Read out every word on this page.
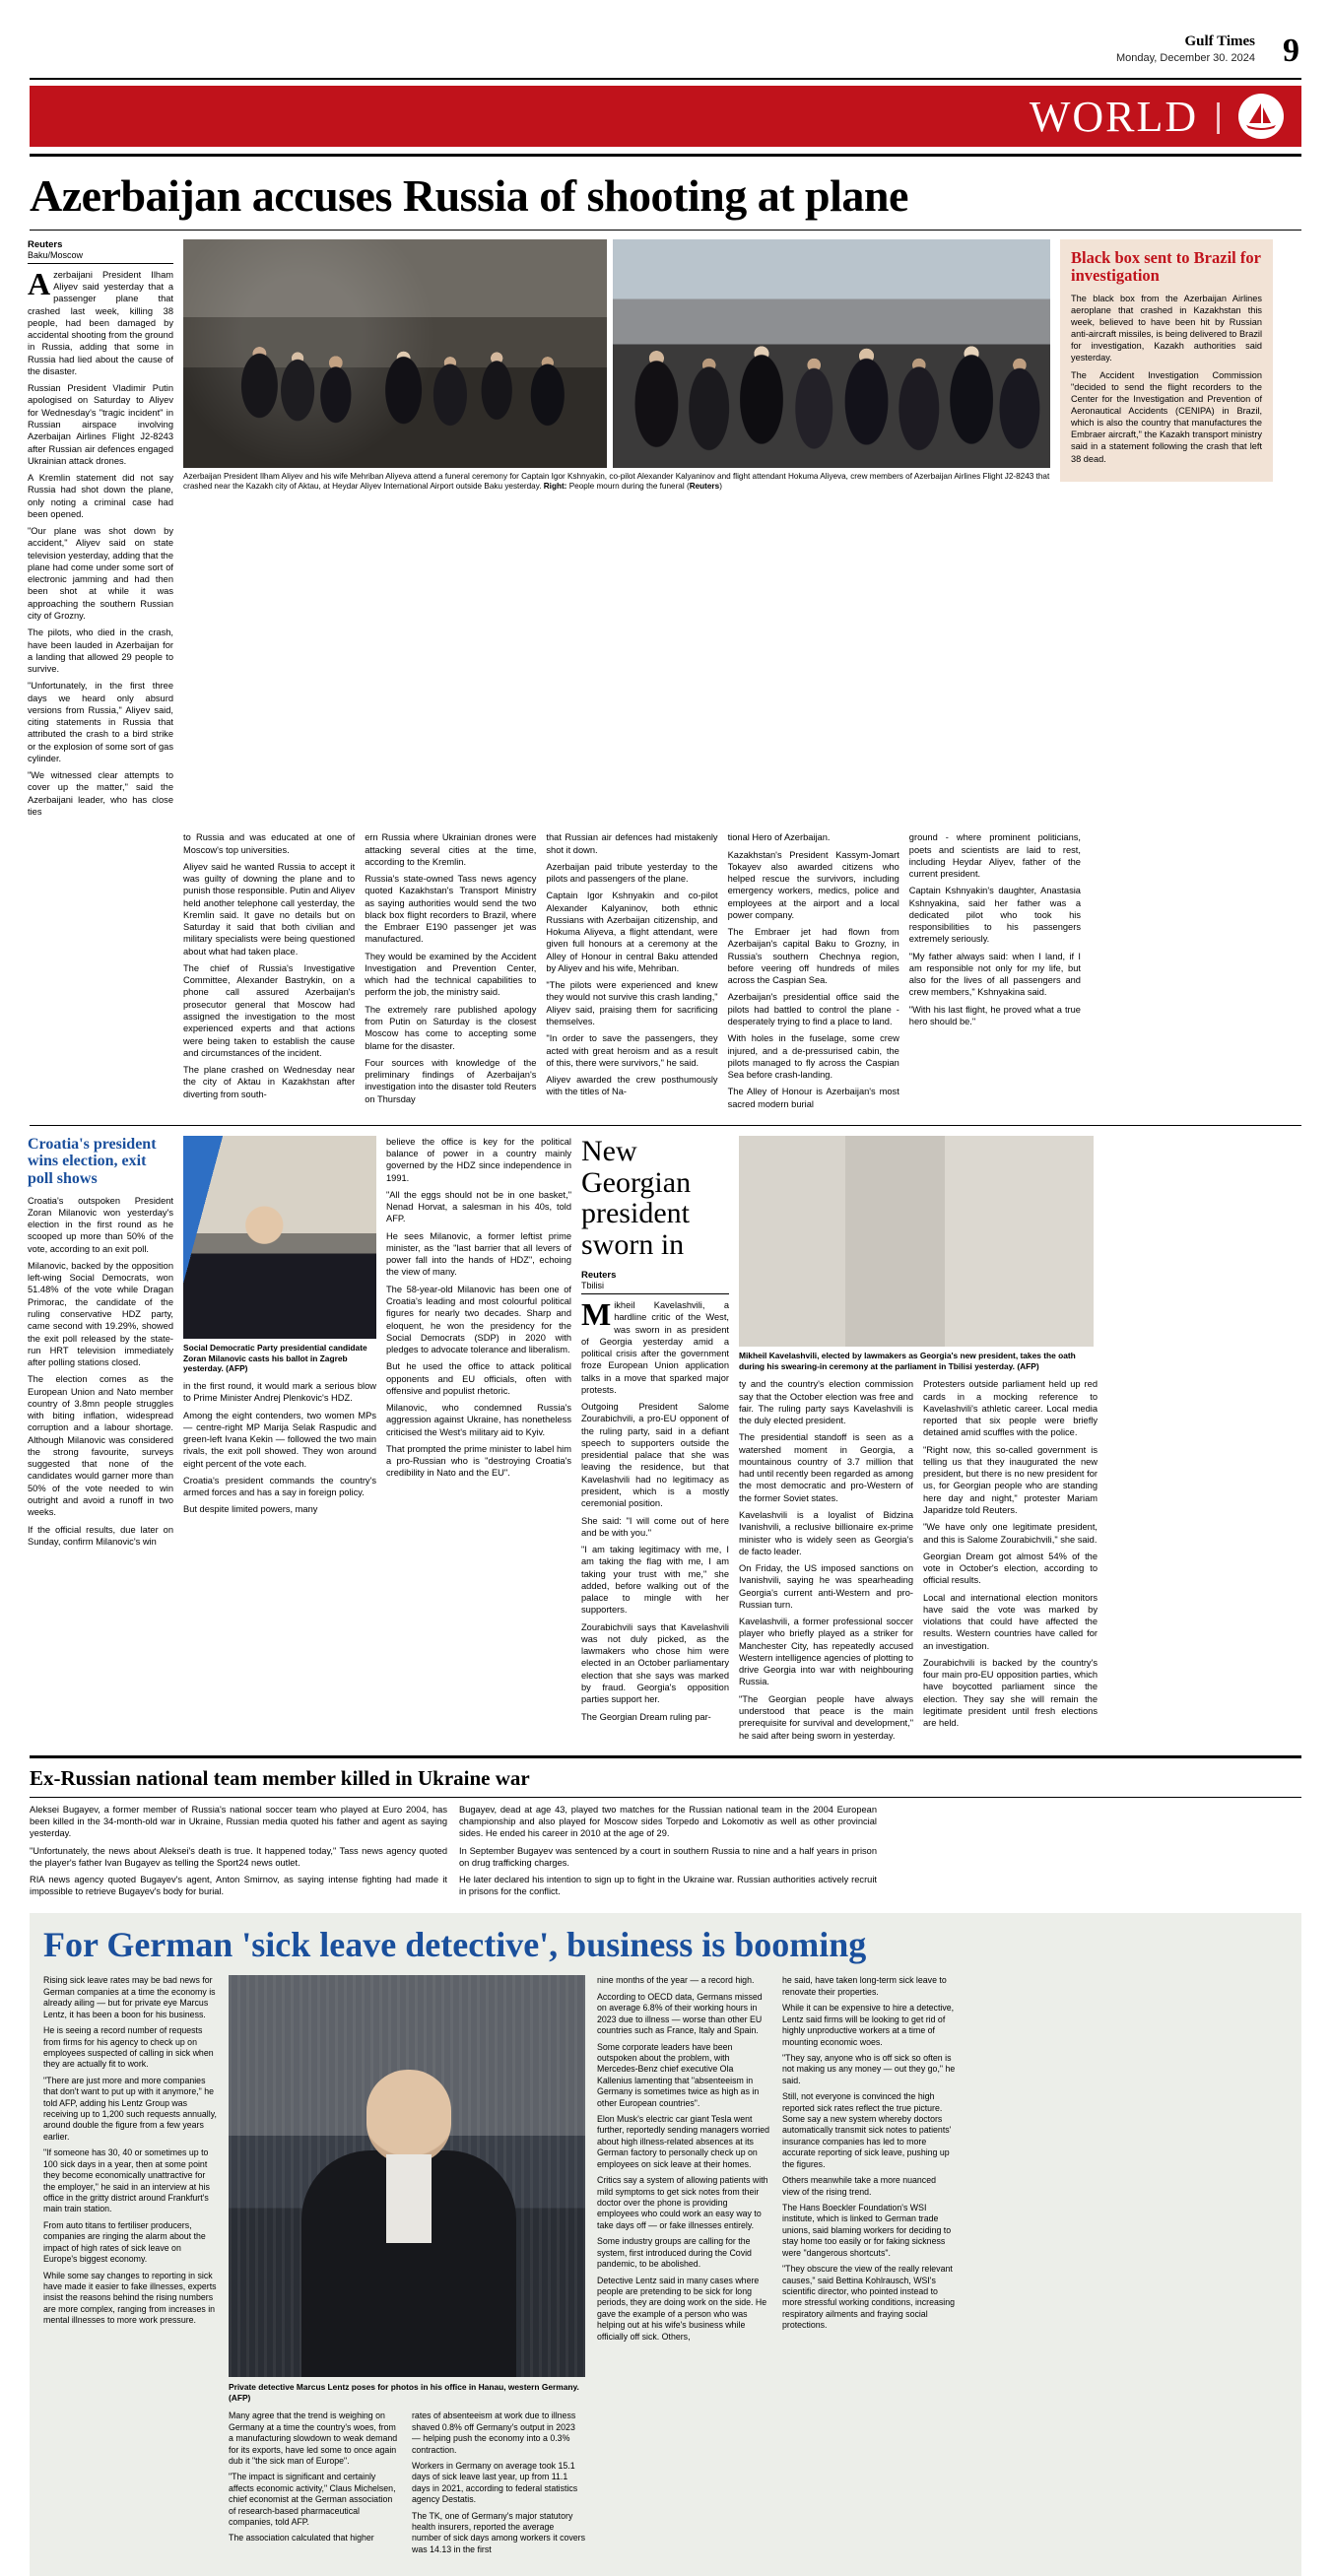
Gulf Times
Monday, December 30. 2024 9
WORLD |
Azerbaijan accuses Russia of shooting at plane
Reuters
Baku/Moscow

Azerbaijani President Ilham Aliyev said yesterday that a passenger plane that crashed last week, killing 38 people, had been damaged by accidental shooting from the ground in Russia, adding that some in Russia had lied about the cause of the disaster.

Russian President Vladimir Putin apologised on Saturday to Aliyev for Wednesday's "tragic incident" in Russian airspace involving Azerbaijan Airlines Flight J2-8243 after Russian air defences engaged Ukrainian attack drones.

A Kremlin statement did not say Russia had shot down the plane, only noting a criminal case had been opened.

"Our plane was shot down by accident," Aliyev said on state television yesterday, adding that the plane had come under some sort of electronic jamming and had then been shot at while it was approaching the southern Russian city of Grozny.

The pilots, who died in the crash, have been lauded in Azerbaijan for a landing that allowed 29 people to survive.

"Unfortunately, in the first three days we heard only absurd versions from Russia," Aliyev said, citing statements in Russia that attributed the crash to a bird strike or the explosion of some sort of gas cylinder.

"We witnessed clear attempts to cover up the matter," said the Azerbaijani leader, who has close ties

Azerbaijan President Ilham Aliyev and his wife Mehriban Aliyeva attend a funeral ceremony for Captain Igor Kshnyakin, co-pilot Alexander Kalyaninov and flight attendant Hokuma Aliyeva, crew members of Azerbaijan Airlines Flight J2-8243 that crashed near the Kazakh city of Aktau, at Heydar Aliyev International Airport outside Baku yesterday. Right: People mourn during the funeral (Reuters)
Black box sent to Brazil for investigation

The black box from the Azerbaijan Airlines aeroplane that crashed in Kazakhstan this week, believed to have been hit by Russian anti-aircraft missiles, is being delivered to Brazil for investigation, Kazakh authorities said yesterday.

The Accident Investigation Commission "decided to send the flight recorders to the Center for the Investigation and Prevention of Aeronautical Accidents (CENIPA) in Brazil, which is also the country that manufactures the Embraer aircraft," the Kazakh transport ministry said in a statement following the crash that left 38 dead.

to Russia and was educated at one of Moscow's top universities.

Aliyev said he wanted Russia to accept it was guilty of downing the plane and to punish those responsible. Putin and Aliyev held another telephone call yesterday, the Kremlin said. It gave no details but on Saturday it said that both civilian and military specialists were being questioned about what had taken place.

The chief of Russia's Investigative Committee, Alexander Bastrykin, on a phone call assured Azerbaijan's prosecutor general that Moscow had assigned the investigation to the most experienced experts and that actions were being taken to establish the cause and circumstances of the incident.

The plane crashed on Wednesday near the city of Aktau in Kazakhstan after diverting from south-

ern Russia where Ukrainian drones were attacking several cities at the time, according to the Kremlin.

Russia's state-owned Tass news agency quoted Kazakhstan's Transport Ministry as saying authorities would send the two black box flight recorders to Brazil, where the Embraer E190 passenger jet was manufactured.

They would be examined by the Accident Investigation and Prevention Center, which had the technical capabilities to perform the job, the ministry said.

The extremely rare published apology from Putin on Saturday is the closest Moscow has come to accepting some blame for the disaster.

Four sources with knowledge of the preliminary findings of Azerbaijan's investigation into the disaster told Reuters on Thursday

that Russian air defences had mistakenly shot it down.

Azerbaijan paid tribute yesterday to the pilots and passengers of the plane.

Captain Igor Kshnyakin and co-pilot Alexander Kalyaninov, both ethnic Russians with Azerbaijan citizenship, and Hokuma Aliyeva, a flight attendant, were given full honours at a ceremony at the Alley of Honour in central Baku attended by Aliyev and his wife, Mehriban.

"The pilots were experienced and knew they would not survive this crash landing," Aliyev said, praising them for sacrificing themselves.

"In order to save the passengers, they acted with great heroism and as a result of this, there were survivors," he said.

Aliyev awarded the crew posthumously with the titles of Na-

tional Hero of Azerbaijan.

Kazakhstan's President Kassym-Jomart Tokayev also awarded citizens who helped rescue the survivors, including emergency workers, medics, police and employees at the airport and a local power company.

The Embraer jet had flown from Azerbaijan's capital Baku to Grozny, in Russia's southern Chechnya region, before veering off hundreds of miles across the Caspian Sea.

Azerbaijan's presidential office said the pilots had battled to control the plane - desperately trying to find a place to land.

With holes in the fuselage, some crew injured, and a de-pressurised cabin, the pilots managed to fly across the Caspian Sea before crash-landing.

The Alley of Honour is Azerbaijan's most sacred modern burial

ground - where prominent politicians, poets and scientists are laid to rest, including Heydar Aliyev, father of the current president.

Captain Kshnyakin's daughter, Anastasia Kshnyakina, said her father was a dedicated pilot who took his responsibilities to his passengers extremely seriously.

"My father always said: when I land, if I am responsible not only for my life, but also for the lives of all passengers and crew members," Kshnyakina said.

"With his last flight, he proved what a true hero should be."

Croatia's president wins election, exit poll shows

Croatia's outspoken President Zoran Milanovic won yesterday's election in the first round as he scooped up more than 50% of the vote, according to an exit poll.

Milanovic, backed by the opposition left-wing Social Democrats, won 51.48% of the vote while Dragan Primorac, the candidate of the ruling conservative HDZ party, came second with 19.29%, showed the exit poll released by the state-run HRT television immediately after polling stations closed.

The election comes as the European Union and Nato member country of 3.8mn people struggles with biting inflation, widespread corruption and a labour shortage. Although Milanovic was considered the strong favourite, surveys suggested that none of the candidates would garner more than 50% of the vote needed to win outright and avoid a runoff in two weeks.

If the official results, due later on Sunday, confirm Milanovic's win

Social Democratic Party presidential candidate Zoran Milanovic casts his ballot in Zagreb yesterday. (AFP)

in the first round, it would mark a serious blow to Prime Minister Andrej Plenkovic's HDZ.

Among the eight contenders, two women MPs — centre-right MP Marija Selak Raspudic and green-left Ivana Kekin — followed the two main rivals, the exit poll showed. They won around eight percent of the vote each.

Croatia's president commands the country's armed forces and has a say in foreign policy.

But despite limited powers, many

believe the office is key for the political balance of power in a country mainly governed by the HDZ since independence in 1991.

"All the eggs should not be in one basket," Nenad Horvat, a salesman in his 40s, told AFP.

He sees Milanovic, a former leftist prime minister, as the "last barrier that all levers of power fall into the hands of HDZ", echoing the view of many.

The 58-year-old Milanovic has been one of Croatia's leading and most colourful political figures for nearly two decades. Sharp and eloquent, he won the presidency for the Social Democrats (SDP) in 2020 with pledges to advocate tolerance and liberalism.

But he used the office to attack political opponents and EU officials, often with offensive and populist rhetoric.

Milanovic, who condemned Russia's aggression against Ukraine, has nonetheless criticised the West's military aid to Kyiv.

That prompted the prime minister to label him a pro-Russian who is "destroying Croatia's credibility in Nato and the EU".

New Georgian president sworn in
Reuters
Tbilisi

Mikheil Kavelashvili, a hardline critic of the West, was sworn in as president of Georgia yesterday amid a political crisis after the government froze European Union application talks in a move that sparked major protests.

Outgoing President Salome Zourabichvili, a pro-EU opponent of the ruling party, said in a defiant speech to supporters outside the presidential palace that she was leaving the residence, but that Kavelashvili had no legitimacy as president, which is a mostly ceremonial position.

She said: "I will come out of here and be with you."

"I am taking legitimacy with me, I am taking the flag with me, I am taking your trust with me," she added, before walking out of the palace to mingle with her supporters.

Zourabichvili says that Kavelashvili was not duly picked, as the lawmakers who chose him were elected in an October parliamentary election that she says was marked by fraud. Georgia's opposition parties support her.

The Georgian Dream ruling par-

Mikheil Kavelashvili, elected by lawmakers as Georgia's new president, takes the oath during his swearing-in ceremony at the parliament in Tbilisi yesterday. (AFP)

ty and the country's election commission say that the October election was free and fair. The ruling party says Kavelashvili is the duly elected president.

The presidential standoff is seen as a watershed moment in Georgia, a mountainous country of 3.7 million that had until recently been regarded as among the most democratic and pro-Western of the former Soviet states.

Kavelashvili is a loyalist of Bidzina Ivanishvili, a reclusive billionaire ex-prime minister who is widely seen as Georgia's de facto leader.

On Friday, the US imposed sanctions on Ivanishvili, saying he was spearheading Georgia's current anti-Western and pro-Russian turn.

Kavelashvili, a former professional soccer player who briefly played as a striker for Manchester City, has repeatedly accused Western intelligence agencies of plotting to drive Georgia into war with neighbouring Russia.

"The Georgian people have always understood that peace is the main prerequisite for survival and development," he said after being sworn in yesterday.

Protesters outside parliament held up red cards in a mocking reference to Kavelashvili's athletic career. Local media reported that six people were briefly detained amid scuffles with the police.

"Right now, this so-called government is telling us that they inaugurated the new president, but there is no new president for us, for Georgian people who are standing here day and night," protester Mariam Japaridze told Reuters.

"We have only one legitimate president, and this is Salome Zourabichvili," she said.

Georgian Dream got almost 54% of the vote in October's election, according to official results.

Local and international election monitors have said the vote was marked by violations that could have affected the results. Western countries have called for an investigation.

Zourabichvili is backed by the country's four main pro-EU opposition parties, which have boycotted parliament since the election. They say she will remain the legitimate president until fresh elections are held.

Ex-Russian national team member killed in Ukraine war

Aleksei Bugayev, a former member of Russia's national soccer team who played at Euro 2004, has been killed in the 34-month-old war in Ukraine, Russian media quoted his father and agent as saying yesterday.

"Unfortunately, the news about Aleksei's death is true. It happened today," Tass news agency quoted the player's father Ivan Bugayev as telling the Sport24 news outlet.

RIA news agency quoted Bugayev's agent, Anton Smirnov, as saying intense fighting had made it impossible to retrieve Bugayev's body for burial.

Bugayev, dead at age 43, played two matches for the Russian national team in the 2004 European championship and also played for Moscow sides Torpedo and Lokomotiv as well as other provincial sides. He ended his career in 2010 at the age of 29.

In September Bugayev was sentenced by a court in southern Russia to nine and a half years in prison on drug trafficking charges.

He later declared his intention to sign up to fight in the Ukraine war. Russian authorities actively recruit in prisons for the conflict.

For German 'sick leave detective', business is booming

Rising sick leave rates may be bad news for German companies at a time the economy is already ailing — but for private eye Marcus Lentz, it has been a boon for his business.

He is seeing a record number of requests from firms for his agency to check up on employees suspected of calling in sick when they are actually fit to work.

"There are just more and more companies that don't want to put up with it anymore," he told AFP, adding his Lentz Group was receiving up to 1,200 such requests annually, around double the figure from a few years earlier.

"If someone has 30, 40 or sometimes up to 100 sick days in a year, then at some point they become economically unattractive for the employer," he said in an interview at his office in the gritty district around Frankfurt's main train station.

From auto titans to fertiliser producers, companies are ringing the alarm about the impact of high rates of sick leave on Europe's biggest economy.

While some say changes to reporting in sick have made it easier to fake illnesses, experts insist the reasons behind the rising numbers are more complex, ranging from increases in mental illnesses to more work pressure.

Private detective Marcus Lentz poses for photos in his office in Hanau, western Germany. (AFP)

Many agree that the trend is weighing on Germany at a time the country's woes, from a manufacturing slowdown to weak demand for its exports, have led some to once again dub it "the sick man of Europe".

"The impact is significant and certainly affects economic activity," Claus Michelsen, chief economist at the German association of research-based pharmaceutical companies, told AFP.

The association calculated that higher

rates of absenteeism at work due to illness shaved 0.8% off Germany's output in 2023 — helping push the economy into a 0.3% contraction.

Workers in Germany on average took 15.1 days of sick leave last year, up from 11.1 days in 2021, according to federal statistics agency Destatis.

The TK, one of Germany's major statutory health insurers, reported the average number of sick days among workers it covers was 14.13 in the first

nine months of the year — a record high.

According to OECD data, Germans missed on average 6.8% of their working hours in 2023 due to illness — worse than other EU countries such as France, Italy and Spain.

Some corporate leaders have been outspoken about the problem, with Mercedes-Benz chief executive Ola Kallenius lamenting that "absenteeism in Germany is sometimes twice as high as in other European countries".

Elon Musk's electric car giant Tesla went further, reportedly sending managers worried about high illness-related absences at its German factory to personally check up on employees on sick leave at their homes.

Critics say a system of allowing patients with mild symptoms to get sick notes from their doctor over the phone is providing employees who could work an easy way to take days off — or fake illnesses entirely.

Some industry groups are calling for the system, first introduced during the Covid pandemic, to be abolished.

Detective Lentz said in many cases where people are pretending to be sick for long periods, they are doing work on the side. He gave the example of a person who was helping out at his wife's business while officially off sick. Others,

he said, have taken long-term sick leave to renovate their properties.

While it can be expensive to hire a detective, Lentz said firms will be looking to get rid of highly unproductive workers at a time of mounting economic woes.

"They say, anyone who is off sick so often is not making us any money — out they go," he said.

Still, not everyone is convinced the high reported sick rates reflect the true picture. Some say a new system whereby doctors automatically transmit sick notes to patients' insurance companies has led to more accurate reporting of sick leave, pushing up the figures.

Others meanwhile take a more nuanced view of the rising trend.

The Hans Boeckler Foundation's WSI institute, which is linked to German trade unions, said blaming workers for deciding to stay home too easily or for faking sickness were "dangerous shortcuts".

"They obscure the view of the really relevant causes," said Bettina Kohlrausch, WSI's scientific director, who pointed instead to more stressful working conditions, increasing respiratory ailments and fraying social protections.
